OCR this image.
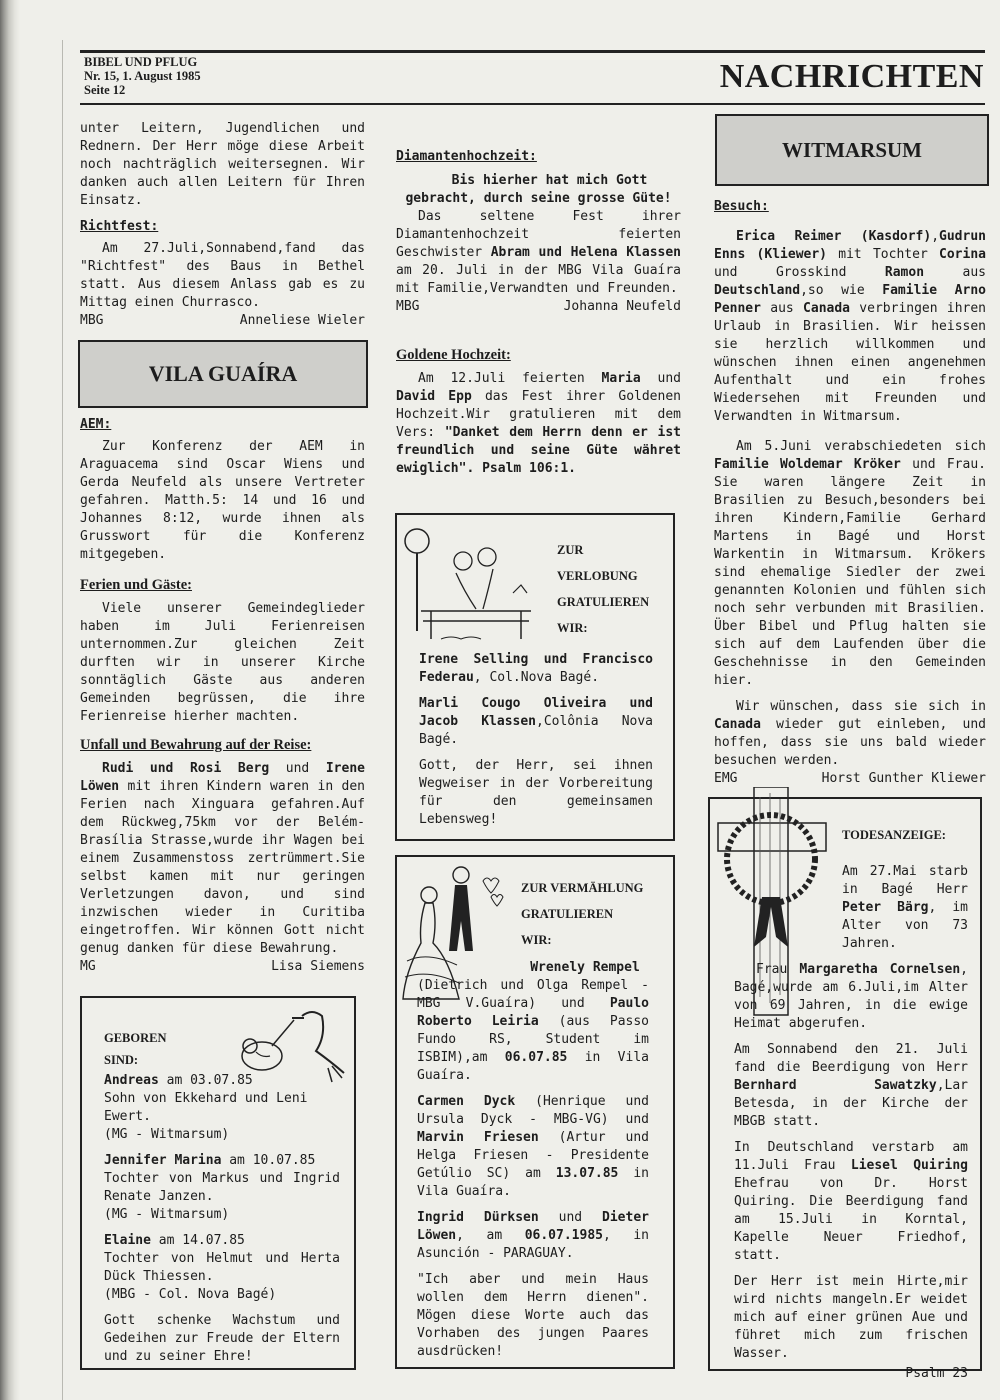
BIBEL UND PFLUG
Nr. 15, 1. August 1985
Seite 12	NACHRICHTEN

unter Leitern, Jugendlichen und Rednern. Der Herr möge diese Arbeit noch nachträglich weitersegnen. Wir danken auch allen Leitern für Ihren Einsatz.

Richtfest:

Am 27.Juli,Sonnabend,fand das "Richtfest" des Baus in Bethel statt. Aus diesem Anlass gab es zu Mittag einen Churrasco.

MBG	Anneliese Wieler
VILA GUAÍRA
AEM:

Zur Konferenz der AEM in Araguacema sind Oscar Wiens und Gerda Neufeld als unsere Vertreter gefahren. Matth.5: 14 und 16 und Johannes 8:12, wurde ihnen als Grusswort für die Konferenz mitgegeben.

Ferien und Gäste:

Viele unserer Gemeindeglieder haben im Juli Ferienreisen unternommen.Zur gleichen Zeit durften wir in unserer Kirche sonntäglich Gäste aus anderen Gemeinden begrüssen, die ihre Ferienreise hierher machten.

Unfall und Bewahrung auf der Reise:

Rudi und Rosi Berg und Irene Löwen mit ihren Kindern waren in den Ferien nach Xinguara gefahren.Auf dem Rückweg,75km vor der Belém-Brasília Strasse,wurde ihr Wagen bei einem Zusammenstoss zertrümmert.Sie selbst kamen mit nur geringen Verletzungen davon, und sind inzwischen wieder in Curitiba eingetroffen. Wir können Gott nicht genug danken für diese Bewahrung.

MG	Lisa Siemens
GEBOREN
SIND:

Andreas am 03.07.85

Sohn von Ekkehard und Leni Ewert.

(MG - Witmarsum)

Jennifer Marina am 10.07.85

Tochter von Markus und Ingrid Renate Janzen.

(MG - Witmarsum)

Elaine am 14.07.85

Tochter von Helmut und Herta Dück Thiessen.

(MBG - Col. Nova Bagé)

Gott schenke Wachstum und Gedeihen zur Freude der Eltern und zu seiner Ehre!

Diamantenhochzeit:

Bis hierher hat mich Gott gebracht, durch seine grosse Güte!

Das seltene Fest ihrer Diamantenhochzeit feierten Geschwister Abram und Helena Klassen am 20. Juli in der MBG Vila Guaíra mit Familie,Verwandten und Freunden.

MBG	Johanna Neufeld
Goldene Hochzeit:

Am 12.Juli feierten Maria und David Epp das Fest ihrer Goldenen Hochzeit.Wir gratulieren mit dem Vers: "Danket dem Herrn denn er ist freundlich und seine Güte währet ewiglich". Psalm 106:1.

ZUR
VERLOBUNG
GRATULIEREN
WIR:

Irene Selling und Francisco Federau, Col.Nova Bagé.

Marli Cougo Oliveira und Jacob Klassen,Colônia Nova Bagé.

Gott, der Herr, sei ihnen Wegweiser in der Vorbereitung für den gemeinsamen Lebensweg!

ZUR VERMÄHLUNG
GRATULIEREN
WIR:

Wrenely Rempel

(Dietrich und Olga Rempel - MBG V.Guaíra) und Paulo Roberto Leiria (aus Passo Fundo RS, Student im ISBIM),am 06.07.85 in Vila Guaíra.

Carmen Dyck (Henrique und Ursula Dyck - MBG-VG) und Marvin Friesen (Artur und Helga Friesen - Presidente Getúlio SC) am 13.07.85 in Vila Guaíra.

Ingrid Dürksen und Dieter Löwen, am 06.07.1985, in Asunción - PARAGUAY.

"Ich aber und mein Haus wollen dem Herrn dienen". Mögen diese Worte auch das Vorhaben des jungen Paares ausdrücken!

WITMARSUM
Besuch:

Erica Reimer (Kasdorf),Gudrun Enns (Kliewer) mit Tochter Corina und Grosskind Ramon aus Deutschland,so wie Familie Arno Penner aus Canada verbringen ihren Urlaub in Brasilien. Wir heissen sie herzlich willkommen und wünschen ihnen einen angenehmen Aufenthalt und ein frohes Wiedersehen mit Freunden und Verwandten in Witmarsum.

Am 5.Juni verabschiedeten sich Familie Woldemar Kröker und Frau. Sie waren längere Zeit in Brasilien zu Besuch,besonders bei ihren Kindern,Familie Gerhard Martens in Bagé und Horst Warkentin in Witmarsum. Krökers sind ehemalige Siedler der zwei genannten Kolonien und fühlen sich noch sehr verbunden mit Brasilien. Über Bibel und Pflug halten sie sich auf dem Laufenden über die Geschehnisse in den Gemeinden hier.

Wir wünschen, dass sie sich in Canada wieder gut einleben, und hoffen, dass sie uns bald wieder besuchen werden.

EMG	Horst Gunther Kliewer
TODESANZEIGE:

Am 27.Mai starb in Bagé Herr Peter Bärg, im Alter von 73 Jahren.

Frau Margaretha Cornelsen, Bagé,wurde am 6.Juli,im Alter von 69 Jahren, in die ewige Heimat abgerufen.

Am Sonnabend den 21. Juli fand die Beerdigung von Herr Bernhard Sawatzky,Lar Betesda, in der Kirche der MBGB statt.

In Deutschland verstarb am 11.Juli Frau Liesel Quiring Ehefrau von Dr. Horst Quiring. Die Beerdigung fand am 15.Juli in Korntal, Kapelle Neuer Friedhof, statt.

Der Herr ist mein Hirte,mir wird nichts mangeln.Er weidet mich auf einer grünen Aue und führet mich zum frischen Wasser.

Psalm 23
